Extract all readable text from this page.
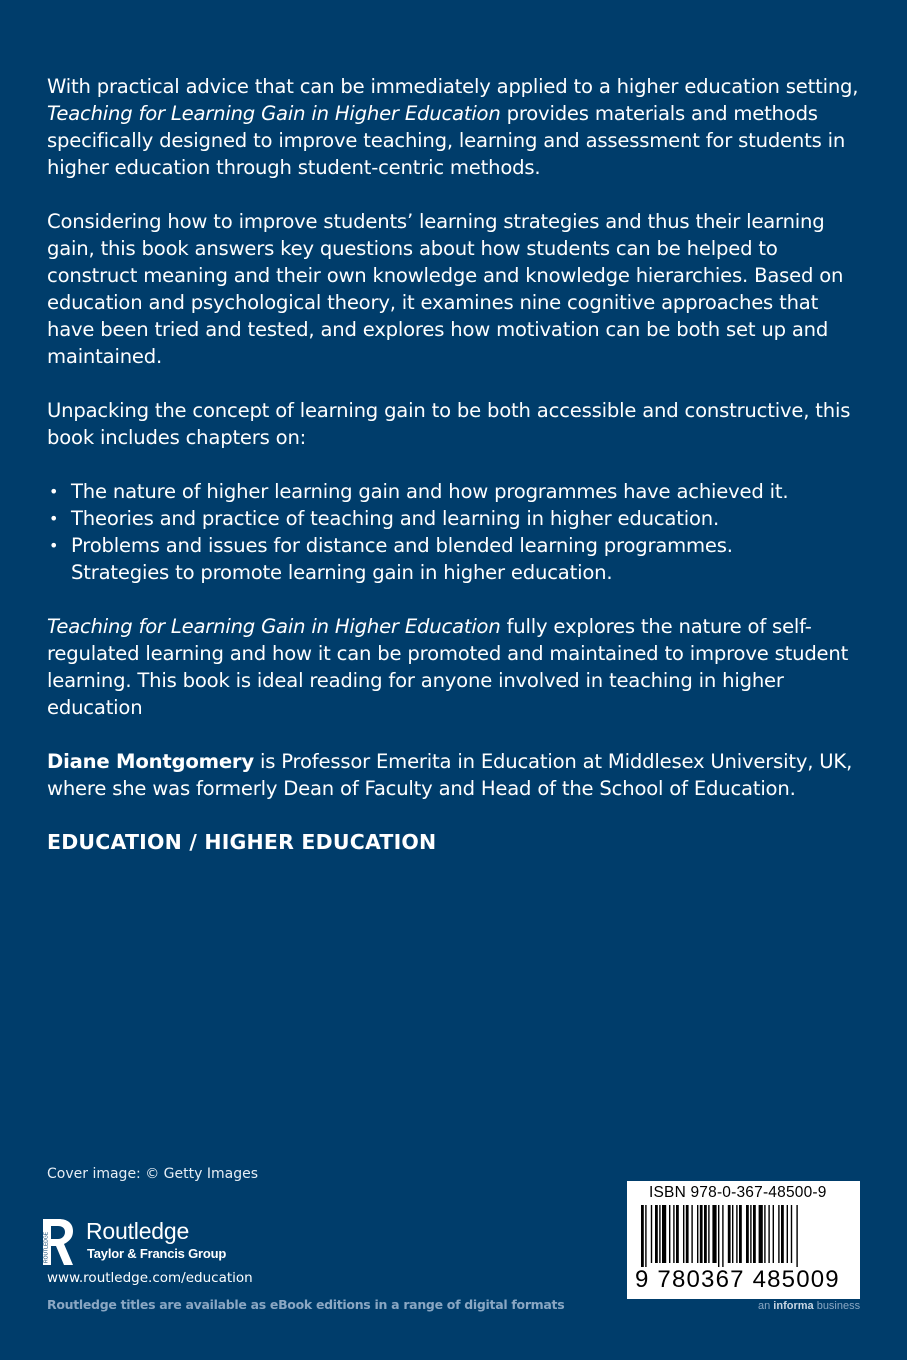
With practical advice that can be immediately applied to a higher education setting, Teaching for Learning Gain in Higher Education provides materials and methods specifically designed to improve teaching, learning and assessment for students in higher education through student-centric methods.

Considering how to improve students’ learning strategies and thus their learning gain, this book answers key questions about how students can be helped to construct meaning and their own knowledge and knowledge hierarchies. Based on education and psychological theory, it examines nine cognitive approaches that have been tried and tested, and explores how motivation can be both set up and maintained.

Unpacking the concept of learning gain to be both accessible and constructive, this book includes chapters on:

• The nature of higher learning gain and how programmes have achieved it.
• Theories and practice of teaching and learning in higher education.
• Problems and issues for distance and blended learning programmes.
Strategies to promote learning gain in higher education.

Teaching for Learning Gain in Higher Education fully explores the nature of self-regulated learning and how it can be promoted and maintained to improve student learning. This book is ideal reading for anyone involved in teaching in higher education

Diane Montgomery is Professor Emerita in Education at Middlesex University, UK, where she was formerly Dean of Faculty and Head of the School of Education.

EDUCATION / HIGHER EDUCATION
Cover image: © Getty Images
ROUTLEDGE
Routledge
Taylor & Francis Group
www.routledge.com/education
Routledge titles are available as eBook editions in a range of digital formats
ISBN 978-0-367-48500-9
9 780367 485009
an informa business
